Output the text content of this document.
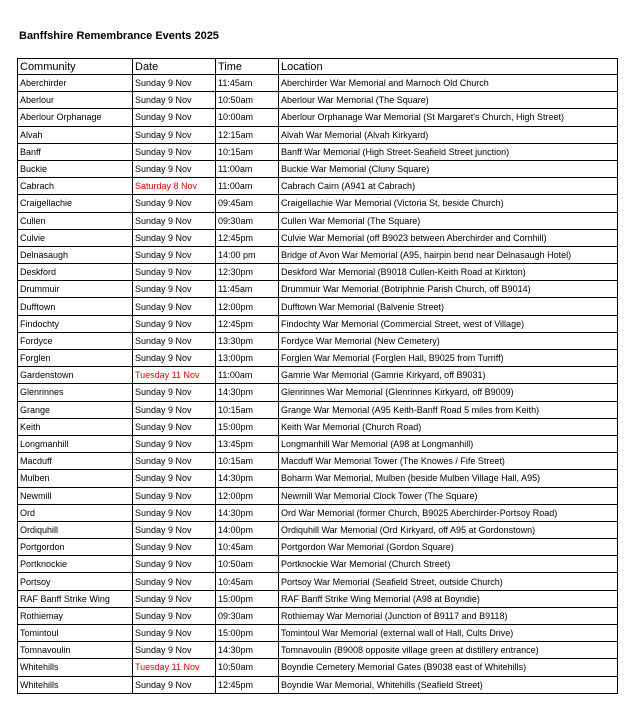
Banffshire Remembrance Events 2025
Community	Date	Time	Location
Aberchirder	Sunday 9 Nov	11:45am	Aberchirder War Memorial and Marnoch Old Church
Aberlour	Sunday 9 Nov	10:50am	Aberlour War Memorial (The Square)
Aberlour Orphanage	Sunday 9 Nov	10:00am	Aberlour Orphanage War Memorial (St Margaret's Church, High Street)
Alvah	Sunday 9 Nov	12:15am	Alvah War Memorial (Alvah Kirkyard)
Banff	Sunday 9 Nov	10:15am	Banff War Memorial (High Street-Seafield Street junction)
Buckie	Sunday 9 Nov	11:00am	Buckie War Memorial (Cluny Square)
Cabrach	Saturday 8 Nov	11:00am	Cabrach Cairn (A941 at Cabrach)
Craigellachie	Sunday 9 Nov	09:45am	Craigellachie War Memorial (Victoria St, beside Church)
Cullen	Sunday 9 Nov	09:30am	Cullen War Memorial (The Square)
Culvie	Sunday 9 Nov	12:45pm	Culvie War Memorial (off B9023 between Aberchirder and Cornhill)
Delnasaugh	Sunday 9 Nov	14:00 pm	Bridge of Avon War Memorial (A95, hairpin bend near Delnasaugh Hotel)
Deskford	Sunday 9 Nov	12:30pm	Deskford War Memorial (B9018 Cullen-Keith Road at Kirkton)
Drummuir	Sunday 9 Nov	11:45am	Drummuir War Memorial (Botriphnie Parish Church, off B9014)
Dufftown	Sunday 9 Nov	12:00pm	Dufftown War Memorial (Balvenie Street)
Findochty	Sunday 9 Nov	12:45pm	Findochty War Memorial (Commercial Street, west of Village)
Fordyce	Sunday 9 Nov	13:30pm	Fordyce War Memorial (New Cemetery)
Forglen	Sunday 9 Nov	13:00pm	Forglen War Memorial (Forglen Hall, B9025 from Turriff)
Gardenstown	Tuesday 11 Nov	11:00am	Gamrie War Memorial (Gamrie Kirkyard, off B9031)
Glenrinnes	Sunday 9 Nov	14:30pm	Glenrinnes War Memorial (Glenrinnes Kirkyard, off B9009)
Grange	Sunday 9 Nov	10:15am	Grange War Memorial (A95 Keith-Banff Road 5 miles from Keith)
Keith	Sunday 9 Nov	15:00pm	Keith War Memorial (Church Road)
Longmanhill	Sunday 9 Nov	13:45pm	Longmanhill War Memorial (A98 at Longmanhill)
Macduff	Sunday 9 Nov	10:15am	Macduff War Memorial Tower (The Knowes / Fife Street)
Mulben	Sunday 9 Nov	14:30pm	Boharm War Memorial, Mulben (beside Mulben Village Hall, A95)
Newmill	Sunday 9 Nov	12:00pm	Newmill War Memorial Clock Tower (The Square)
Ord	Sunday 9 Nov	14:30pm	Ord War Memorial (former Church, B9025 Aberchirder-Portsoy Road)
Ordiquhill	Sunday 9 Nov	14:00pm	Ordiquhill War Memorial (Ord Kirkyard, off A95 at Gordonstown)
Portgordon	Sunday 9 Nov	10:45am	Portgordon War Memorial (Gordon Square)
Portknockie	Sunday 9 Nov	10:50am	Portknockie War Memorial (Church Street)
Portsoy	Sunday 9 Nov	10:45am	Portsoy War Memorial (Seafield Street, outside Church)
RAF Banff Strike Wing	Sunday 9 Nov	15:00pm	RAF Banff Strike Wing Memorial (A98 at Boyndie)
Rothiemay	Sunday 9 Nov	09:30am	Rothiemay War Memorial (Junction of B9117 and B9118)
Tomintoul	Sunday 9 Nov	15:00pm	Tomintoul War Memorial (external wall of Hall, Cults Drive)
Tomnavoulin	Sunday 9 Nov	14:30pm	Tomnavoulin (B9008 opposite village green at distillery entrance)
Whitehills	Tuesday 11 Nov	10:50am	Boyndie Cemetery Memorial Gates (B9038 east of Whitehills)
Whitehills	Sunday 9 Nov	12:45pm	Boyndie War Memorial, Whitehills (Seafield Street)
